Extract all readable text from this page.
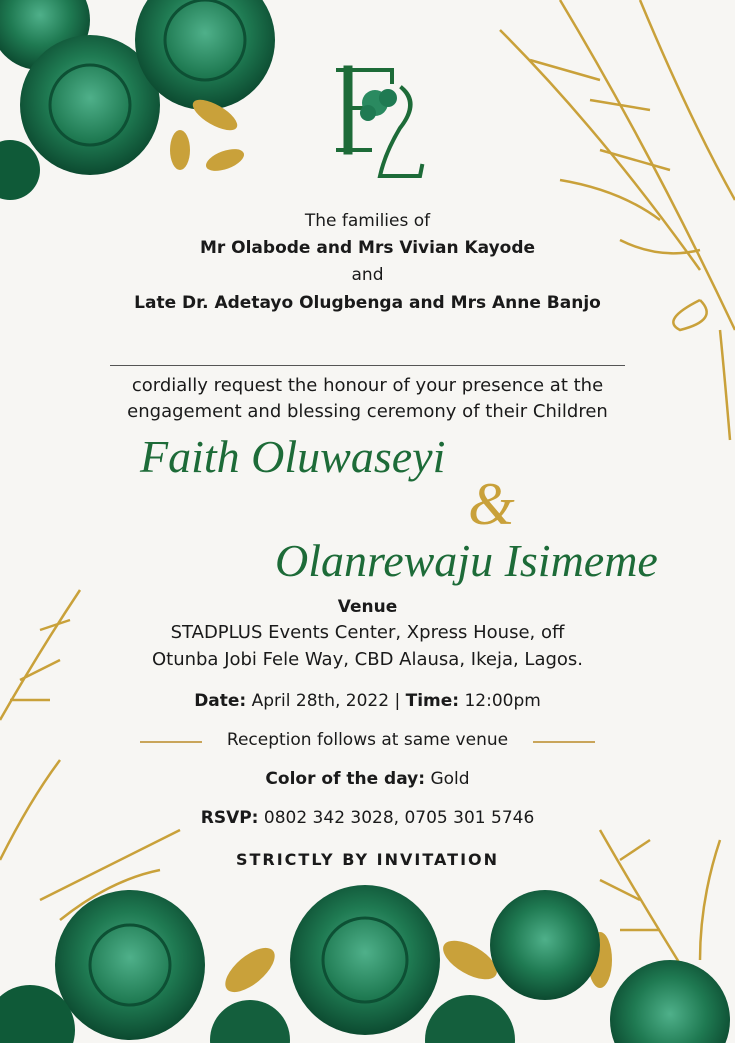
The families of
Mr Olabode and Mrs Vivian Kayode
and
Late Dr. Adetayo Olugbenga and Mrs Anne Banjo
cordially request the honour of your presence at the
engagement and blessing ceremony of their Children
Faith Oluwaseyi
&
Olanrewaju Isimeme
Venue
STADPLUS Events Center, Xpress House, off
Otunba Jobi Fele Way, CBD Alausa, Ikeja, Lagos.
Date: April 28th, 2022 | Time: 12:00pm
Reception follows at same venue
Color of the day: Gold
RSVP: 0802 342 3028, 0705 301 5746
STRICTLY BY INVITATION
